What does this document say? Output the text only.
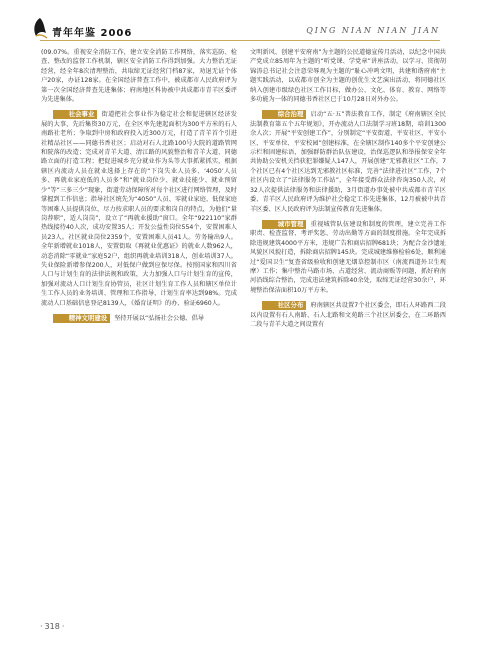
青年年鉴 2006	QING NIAN NIAN JIAN

(09.07%。重视安全消防工作，建立安全消防工作网络，落实巡防、检查、整改的监督工作机制，辖区安全消防工作得到加强。大力整治无证经营，经全年8次清理整治，共取缔无证经营门档87家，劝退无证个体户20家，办证128家。在全国经济普查工作中，被成都市人民政府评为第一次全国经济普查先进集体；府南地区科协被中共成都市青羊区委评为先进集体。

社会事业 街道把社会事业作为稳定社会和促进辖区经济发展的大事，先后集资30万元，在全区率先建起面积为300平方米的石人南路社老所；争取到中房和政府投入近300万元，打造了青羊首个引进社精品社区——同德书香社区；启动对石人北路100号大院的道路管网和院落的改造；完成对青羊大道、清江路的风貌整治和青羊大道、同德路立面的打造工程；把促进城乡充分就业作为头等大事抓紧抓实，根据辖区内流动人员在就业选择上存在的“下岗失业人员多、‘4050’人员多、再就业家庭低的人员多”和“就业岗位少、就业技能少、就业预留少”等“三多三少”现象，街道劳动保障所对每个社区进行网络管理，及时掌握到工作信息；指导社区统先为“4050”人员、零就业家庭、低保家庭等困难人员提供岗位，尽力按求职人员的要求和岗自的特点，为他们“量岗荐职”，适人岗岗”，设立了“再就业援助”窗口。全年“922110”家群热线接待40人次，成功安置35人；开发公益性岗位554个，安置困难人员23人。社区就业岗位2359个，安置困难人员41人。劳务输出9人。全年新增就业1018人，安置街取《再就业优惠证》的就业人数962人，动态消除“零就业”家庭52户，组织再就业培训318人，创业培训37人。失业保险新增参保200人，对低保户做到应保尽保。按照国家和四川省人口与计划生育的法律法规和政策，大力加强人口与计划生育的宣传，加强对流动人口计划生育协管员，社区计划生育工作人员和辖区单位计生工作人员的业务培训、管理和工作指导，计划生育率达到98%。完成流动人口基础信息登记8139人，《婚育证明》的办、验证6960人。

精神文明建设 坚持开展以“弘扬社会公德、倡导

文明新风、创建平安府南”为主题的公民道德宣传月活动，以纪念中国共产党成立85周年为主题的“听党课、学党章”讲座活动，以学习、贯彻胡锦涛总书记社会注意荣辱观为主题的“耻心冲鸣文明，共建和谐府南”主题实践活动，以成都市创全为主题的创优生文艺演出活动，将同德社区纳入创建市级绿色社区工作目标，做办公、文化、体育、教育、网络等多功能为一体的同德书香社区已于10月28日对外办公。

综合治理 启动“五·五”普法教育工作，制定《府南辖区全民法制教育第五个五年规划》，开办流动人口法制学习班18期，培训1300余人次；开展“平安创建工作”，分别制定“平安街道、平安社区、平安小区、平安单位、平安校园”创建标准，在全辖区制作140多个平安创建公示栏和固建标语，加强群防群治队伍建设，治保巡逻队和举报保安全年共协助公安机关挡获犯罪嫌疑人147人，开展创建“无邪教社区”工作，7个社区已有4个社区达到无邪教社区标准，完善“法律进社区”工作，7个社区内设立了“法律服务工作站”，全年接受群众法律咨询350人次，对32人次提供法律服务和法律援助，3月街道办事处被中共成都市青羊区委、青羊区人民政府评为维护社会稳定工作先进集体，12月被被中共青羊区委、区人民政府评为法制宣传教育先进集体。

城市管理 重视城管队伍建设和制度的管理，建立完善工作职责、检查监督、考评奖惩、劳动出勤等方面的制度措施。全年完成拆除违规建筑4000平方米，违规广告和商店招牌681块；为配合金沙遗址风貌区风貌打造，拆除商店招牌145块。完成城建维修检验6处，顺利通过“爱国卫生”复查省级验收和创建无烟草控制市区（南流西道外卫生观摩）工作；集中整治马路市场、占道经营、流动商贩等问题，抓好府南河沿线综合整治，完成违法建筑拆除40余处，取缔无证经营30余户，环境整治保洁面积10万平方米。

社区分布 府南辖区共设置7个社区委会，即石人环路西二段以内设置有石人南路、石人北路和文苑路三个社区居委会，在二环路西二段与青羊大道之间设置有

· 318 ·
